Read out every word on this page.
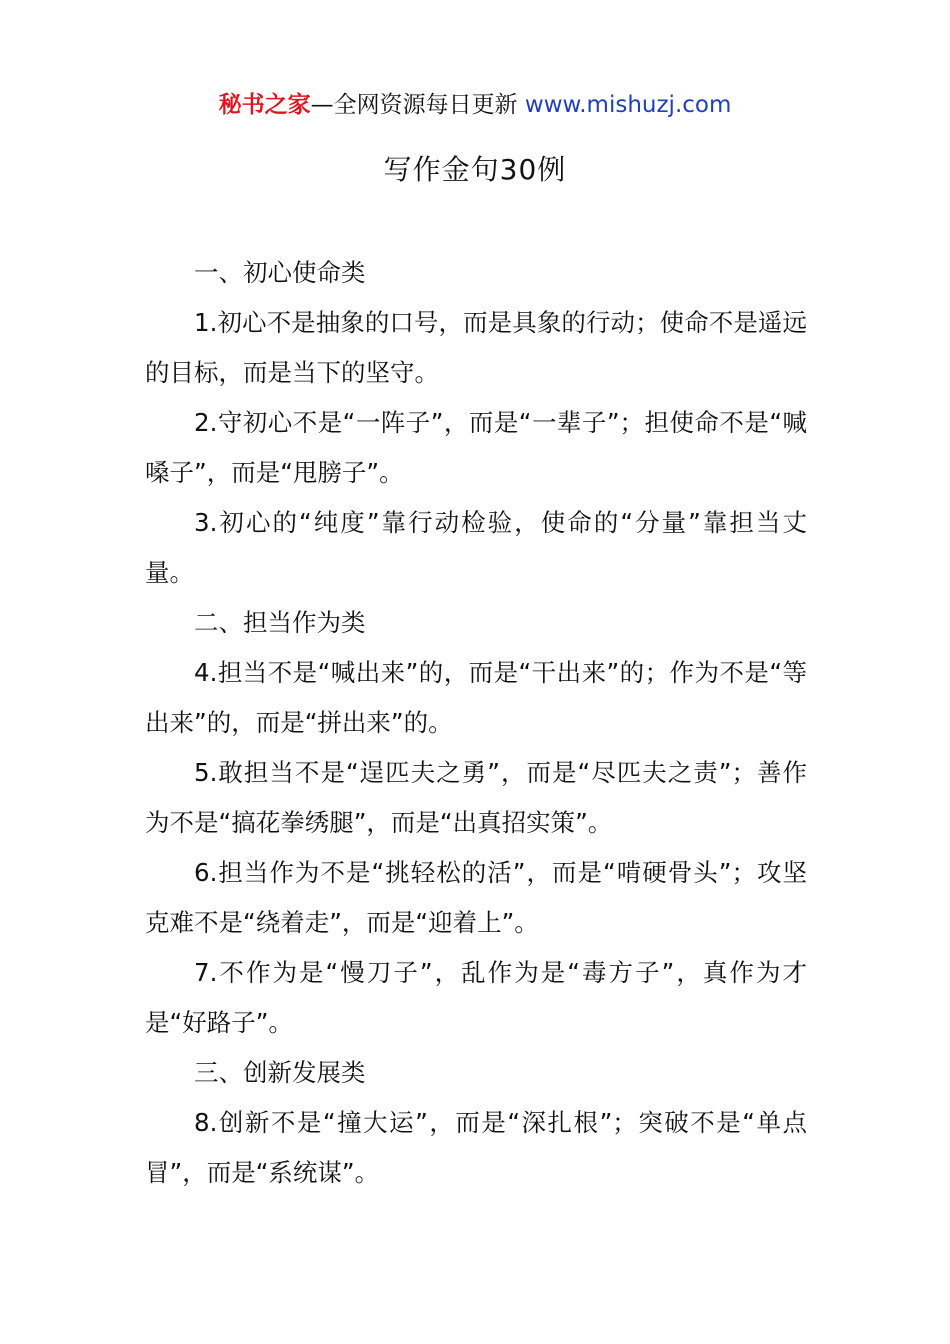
秘书之家—全网资源每日更新 www.mishuzj.com
写作金句30例

一、初心使命类

1.初心不是抽象的口号，而是具象的行动；使命不是遥远的目标，而是当下的坚守。

2.守初心不是“一阵子”，而是“一辈子”；担使命不是“喊嗓子”，而是“甩膀子”。

3.初心的“纯度”靠行动检验，使命的“分量”靠担当丈量。

二、担当作为类

4.担当不是“喊出来”的，而是“干出来”的；作为不是“等出来”的，而是“拼出来”的。

5.敢担当不是“逞匹夫之勇”，而是“尽匹夫之责”；善作为不是“搞花拳绣腿”，而是“出真招实策”。

6.担当作为不是“挑轻松的活”，而是“啃硬骨头”；攻坚克难不是“绕着走”，而是“迎着上”。

7.不作为是“慢刀子”，乱作为是“毒方子”，真作为才是“好路子”。

三、创新发展类

8.创新不是“撞大运”，而是“深扎根”；突破不是“单点冒”，而是“系统谋”。
